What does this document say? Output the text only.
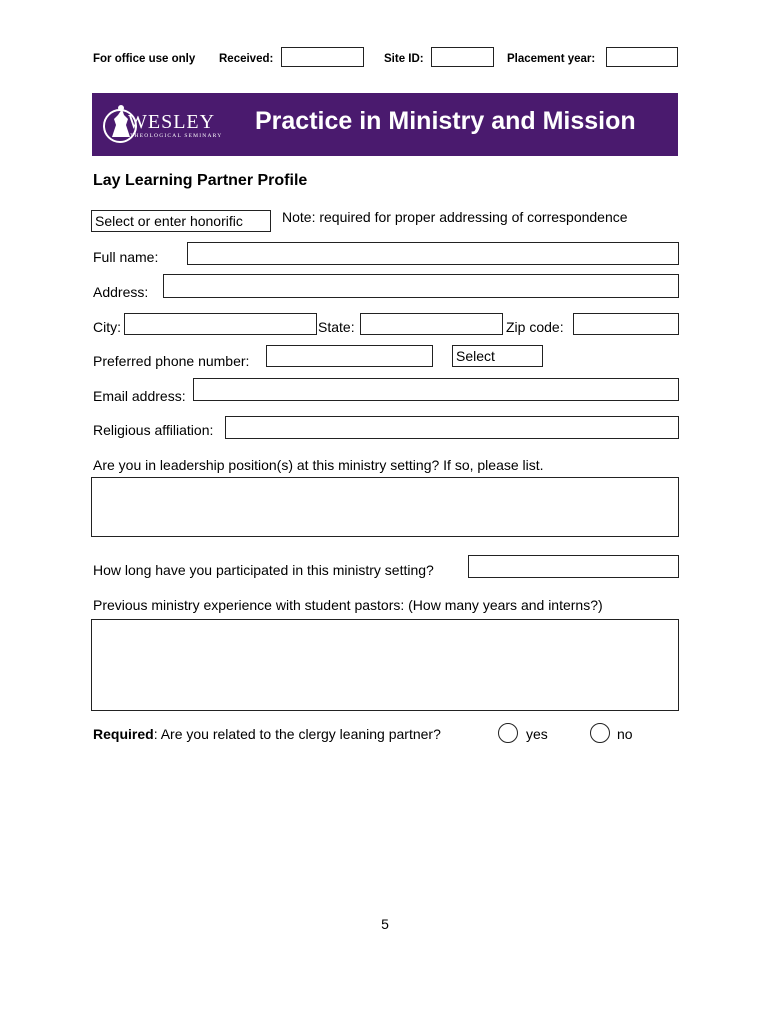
For office use only Received:	Site ID:	Placement year:
WESLEY
THEOLOGICAL SEMINARY
Practice in Ministry and Mission
Lay Learning Partner Profile
Select or enter honorific	Note: required for proper addressing of correspondence
Full name:
Address:
City:	State:	Zip code:
Preferred phone number:	Select
Email address:
Religious affiliation:
Are you in leadership position(s) at this ministry setting? If so, please list.
How long have you participated in this ministry setting?
Previous ministry experience with student pastors: (How many years and interns?)
Required: Are you related to the clergy leaning partner?	yes	no
5
